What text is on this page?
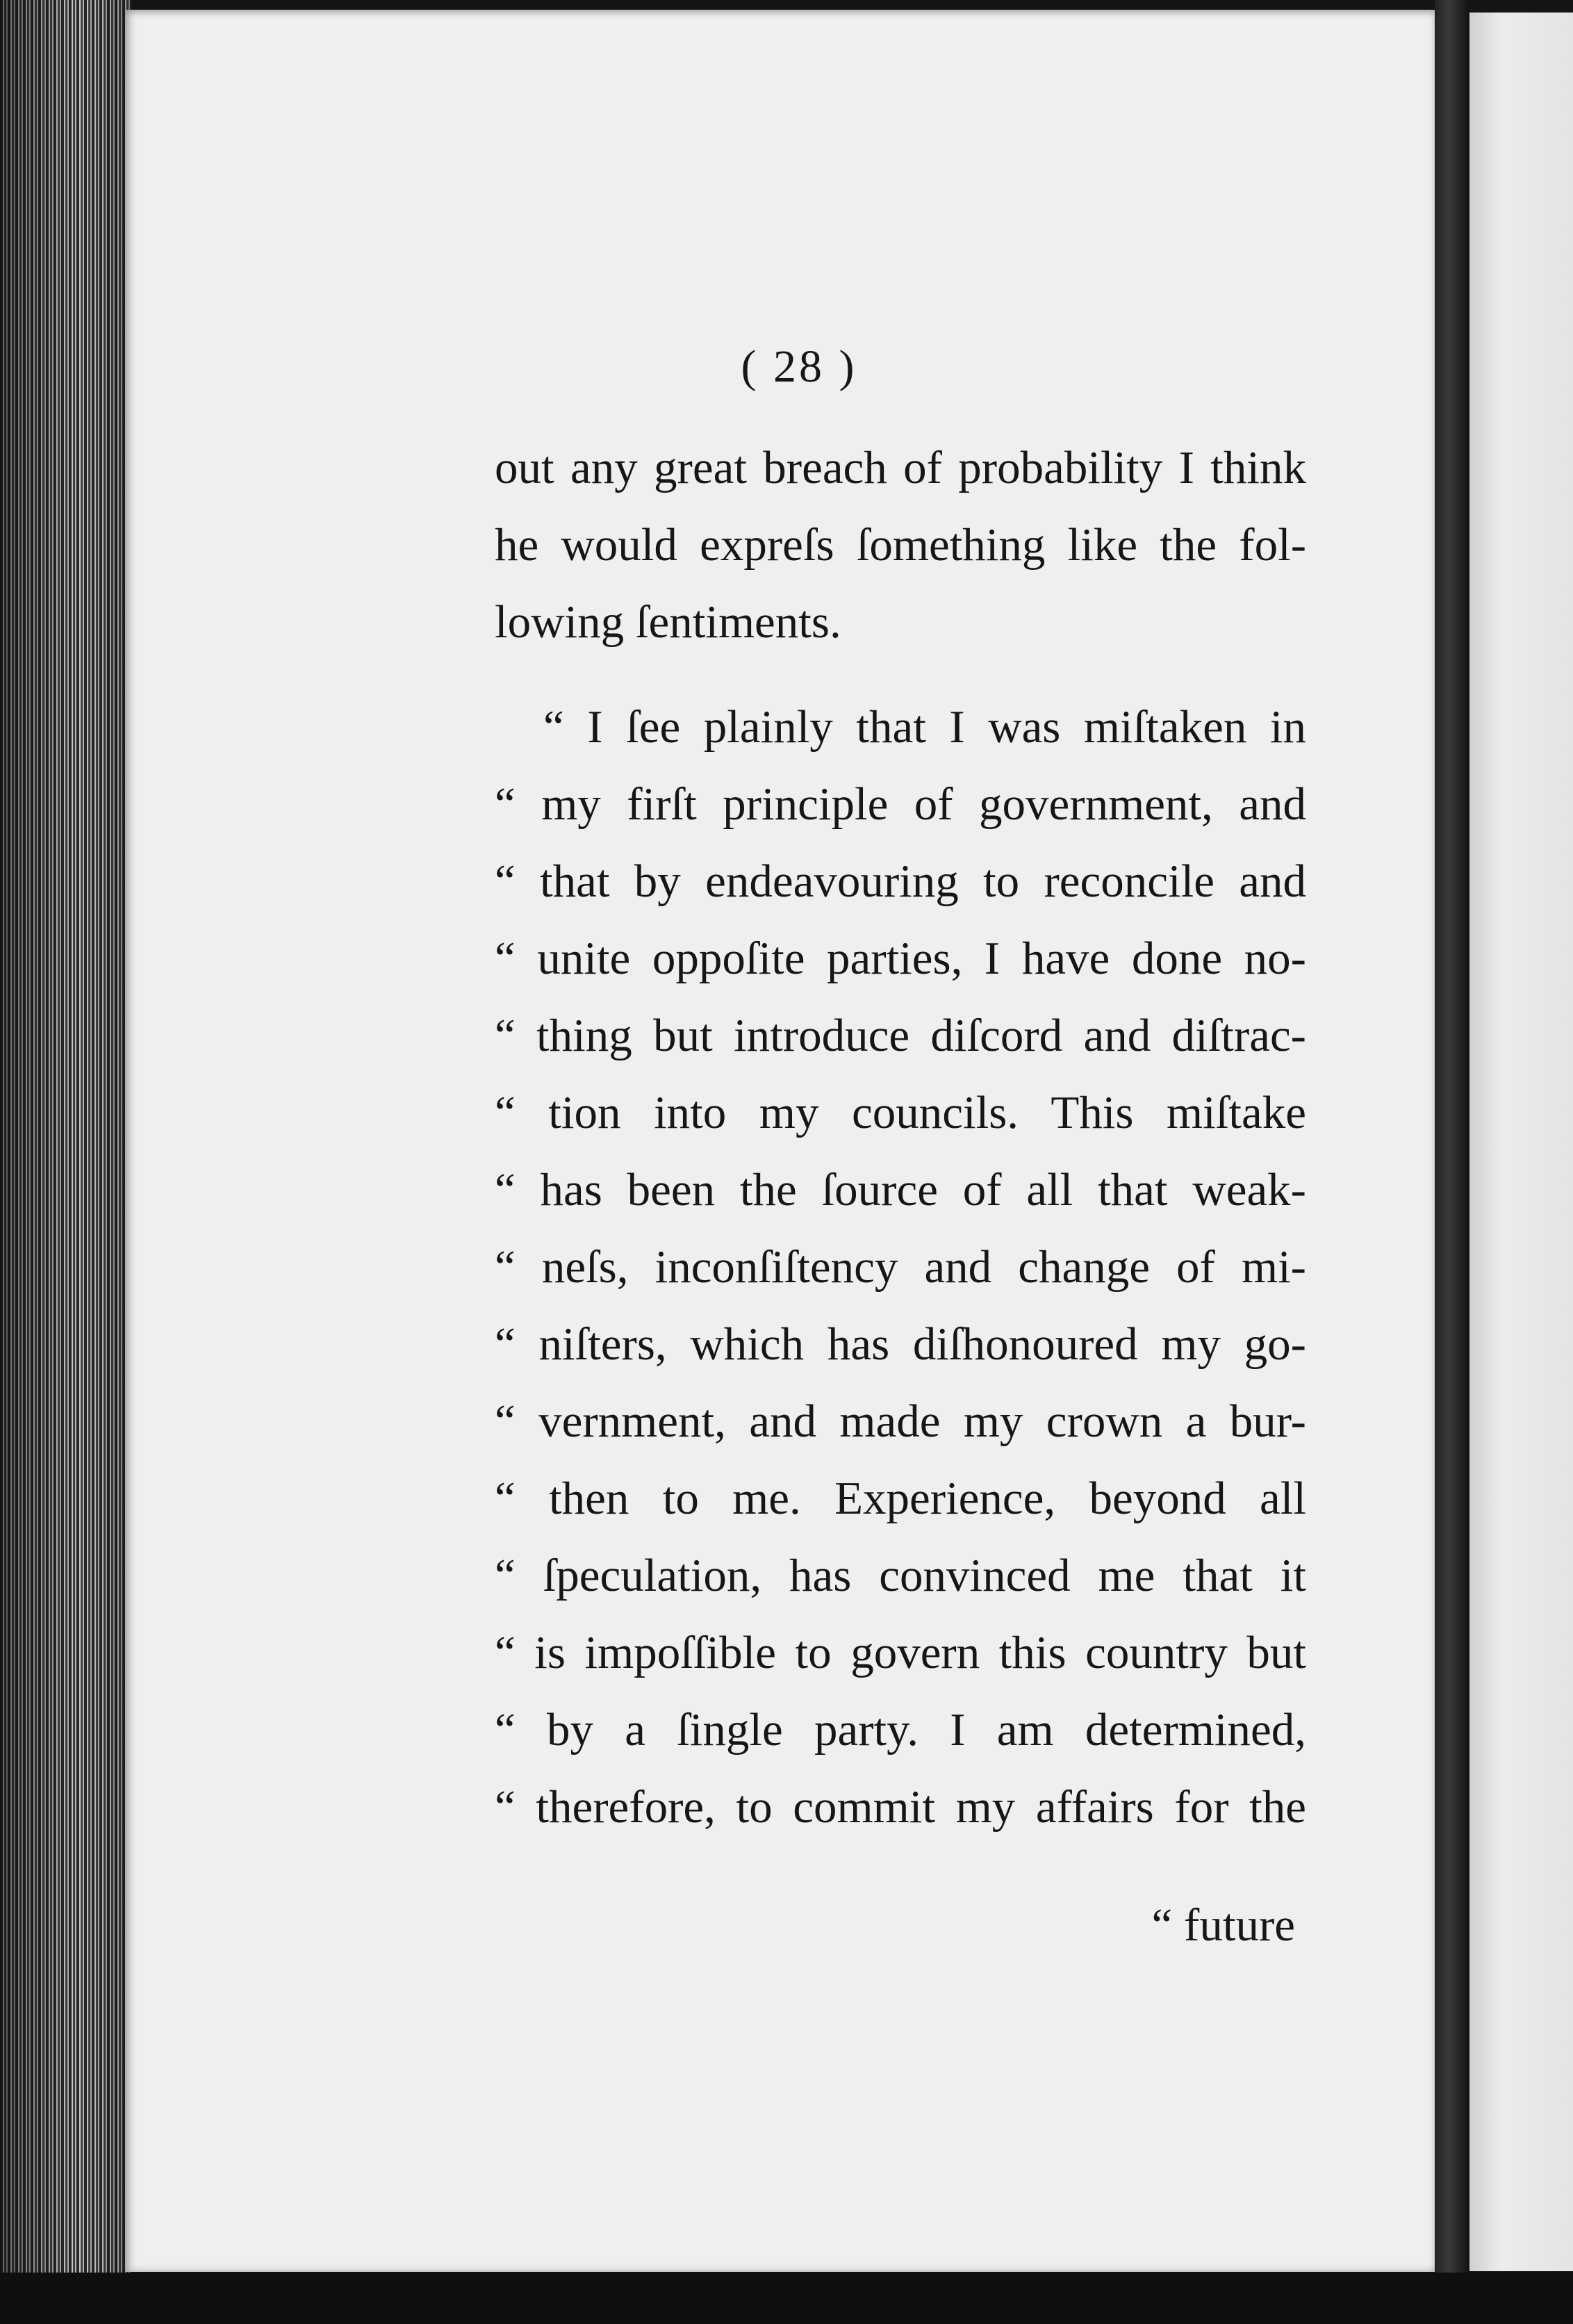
( 28 )
out any great breach of probability I think
he would expreſs ſomething like the fol-
lowing ſentiments.
“ I ſee plainly that I was miſtaken in
“ my firſt principle of government, and
“ that by endeavouring to reconcile and
“ unite oppoſite parties, I have done no-
“ thing but introduce diſcord and diſtrac-
“ tion into my councils. This miſtake
“ has been the ſource of all that weak-
“ neſs, inconſiſtency and change of mi-
“ niſters, which has diſhonoured my go-
“ vernment, and made my crown a bur-
“ then to me. Experience, beyond all
“ ſpeculation, has convinced me that it
“ is impoſſible to govern this country but
“ by a ſingle party. I am determined,
“ therefore, to commit my affairs for the
“ future
